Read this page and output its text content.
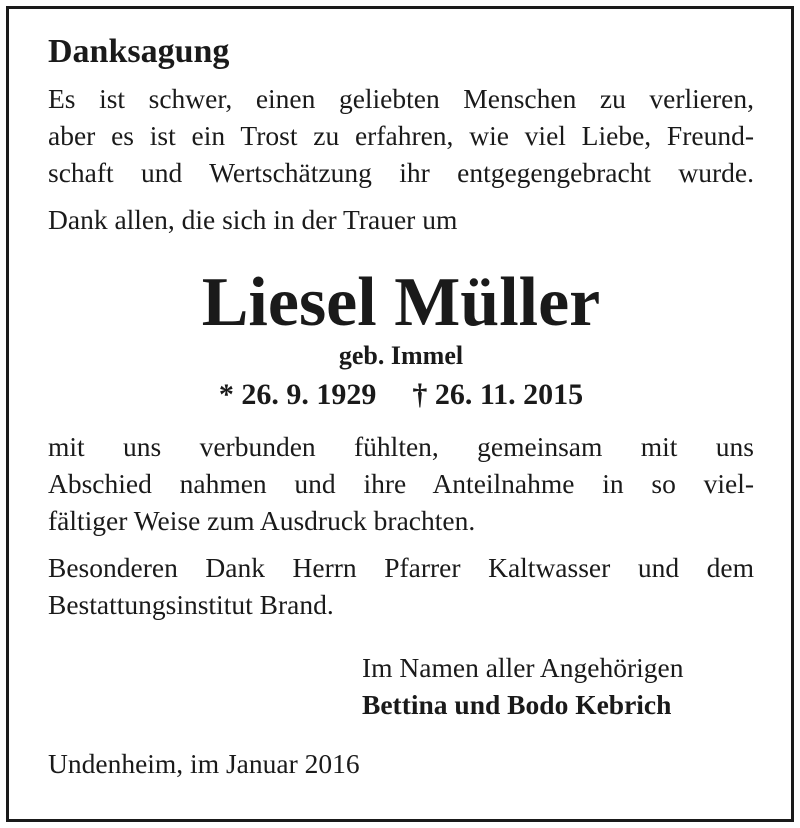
Danksagung

Es ist schwer, einen geliebten Menschen zu verlieren,
aber es ist ein Trost zu erfahren, wie viel Liebe, Freund-
schaft und Wertschätzung ihr entgegengebracht wurde.

Dank allen, die sich in der Trauer um

Liesel Müller
geb. Immel
* 26. 9. 1929 † 26. 11. 2015

mit uns verbunden fühlten, gemeinsam mit uns
Abschied nahmen und ihre Anteilnahme in so viel-
fältiger Weise zum Ausdruck brachten.

Besonderen Dank Herrn Pfarrer Kaltwasser und dem
Bestattungsinstitut Brand.

Im Namen aller Angehörigen
Bettina und Bodo Kebrich
Undenheim, im Januar 2016
